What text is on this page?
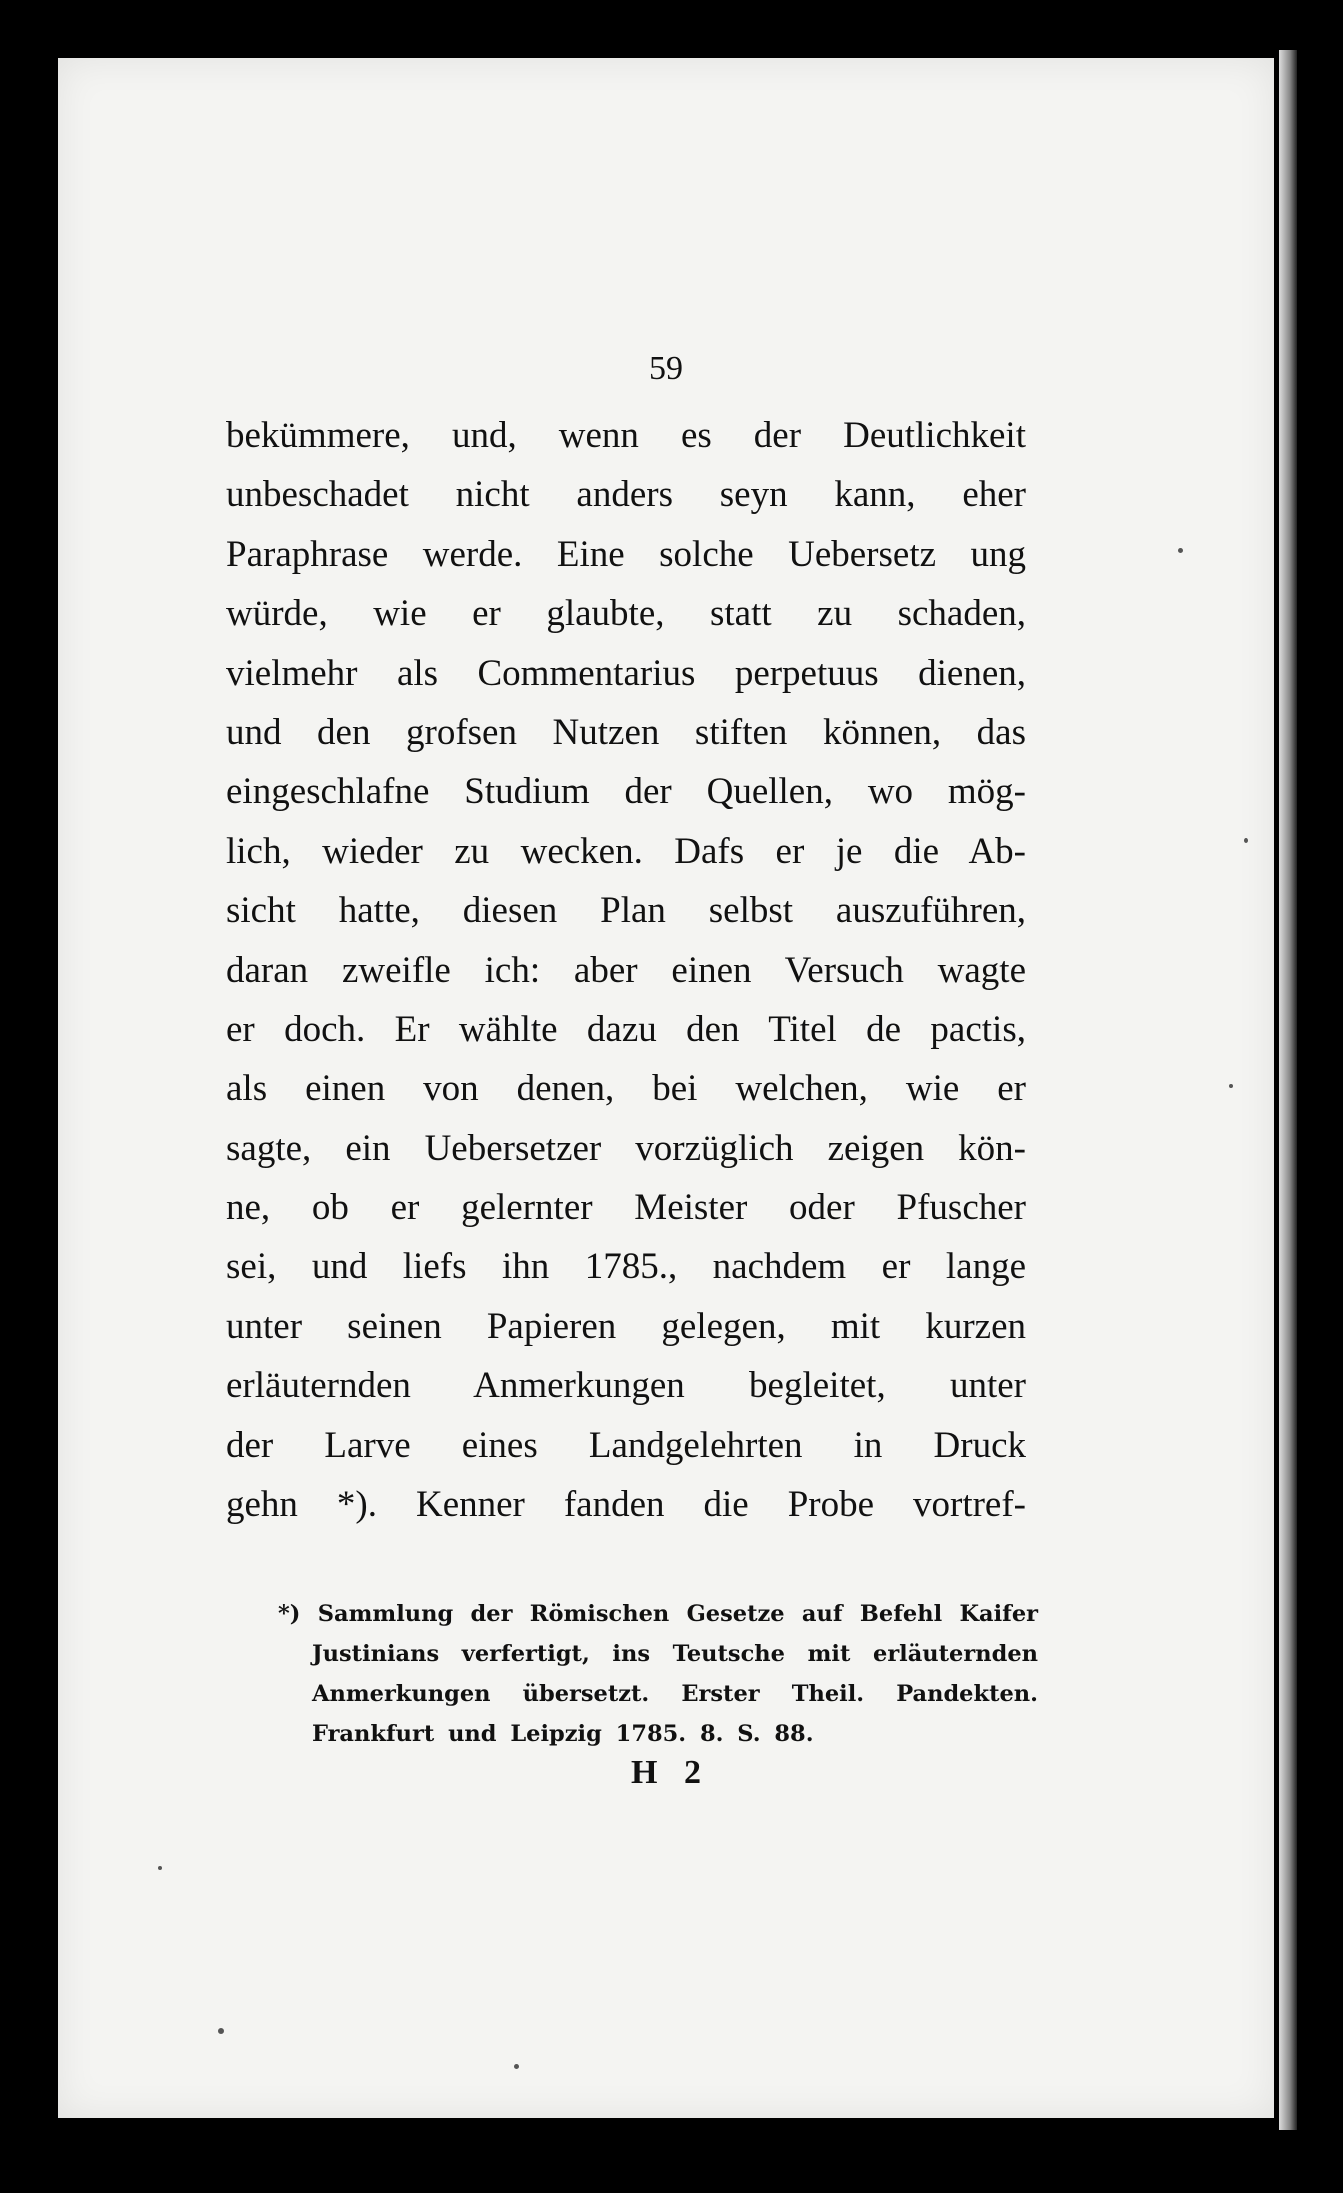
59
bekümmere, und, wenn es der Deutlichkeit
unbeschadet nicht anders seyn kann, eher
Paraphrase werde. Eine solche Uebersetz ung
würde, wie er glaubte, statt zu schaden,
vielmehr als Commentarius perpetuus dienen,
und den grofsen Nutzen stiften können, das
eingeschlafne Studium der Quellen, wo mög-
lich, wieder zu wecken. Dafs er je die Ab-
sicht hatte, diesen Plan selbst auszuführen,
daran zweifle ich: aber einen Versuch wagte
er doch. Er wählte dazu den Titel de pactis,
als einen von denen, bei welchen, wie er
sagte, ein Uebersetzer vorzüglich zeigen kön-
ne, ob er gelernter Meister oder Pfuscher
sei, und liefs ihn 1785., nachdem er lange
unter seinen Papieren gelegen, mit kurzen
erläuternden Anmerkungen begleitet, unter
der Larve eines Landgelehrten in Druck
gehn *). Kenner fanden die Probe vortref-
*) Sammlung der Römischen Gesetze auf Befehl Kaifer
Justinians verfertigt, ins Teutsche mit erläuternden
Anmerkungen übersetzt. Erster Theil. Pandekten.
Frankfurt und Leipzig 1785. 8. S. 88.
H 2
